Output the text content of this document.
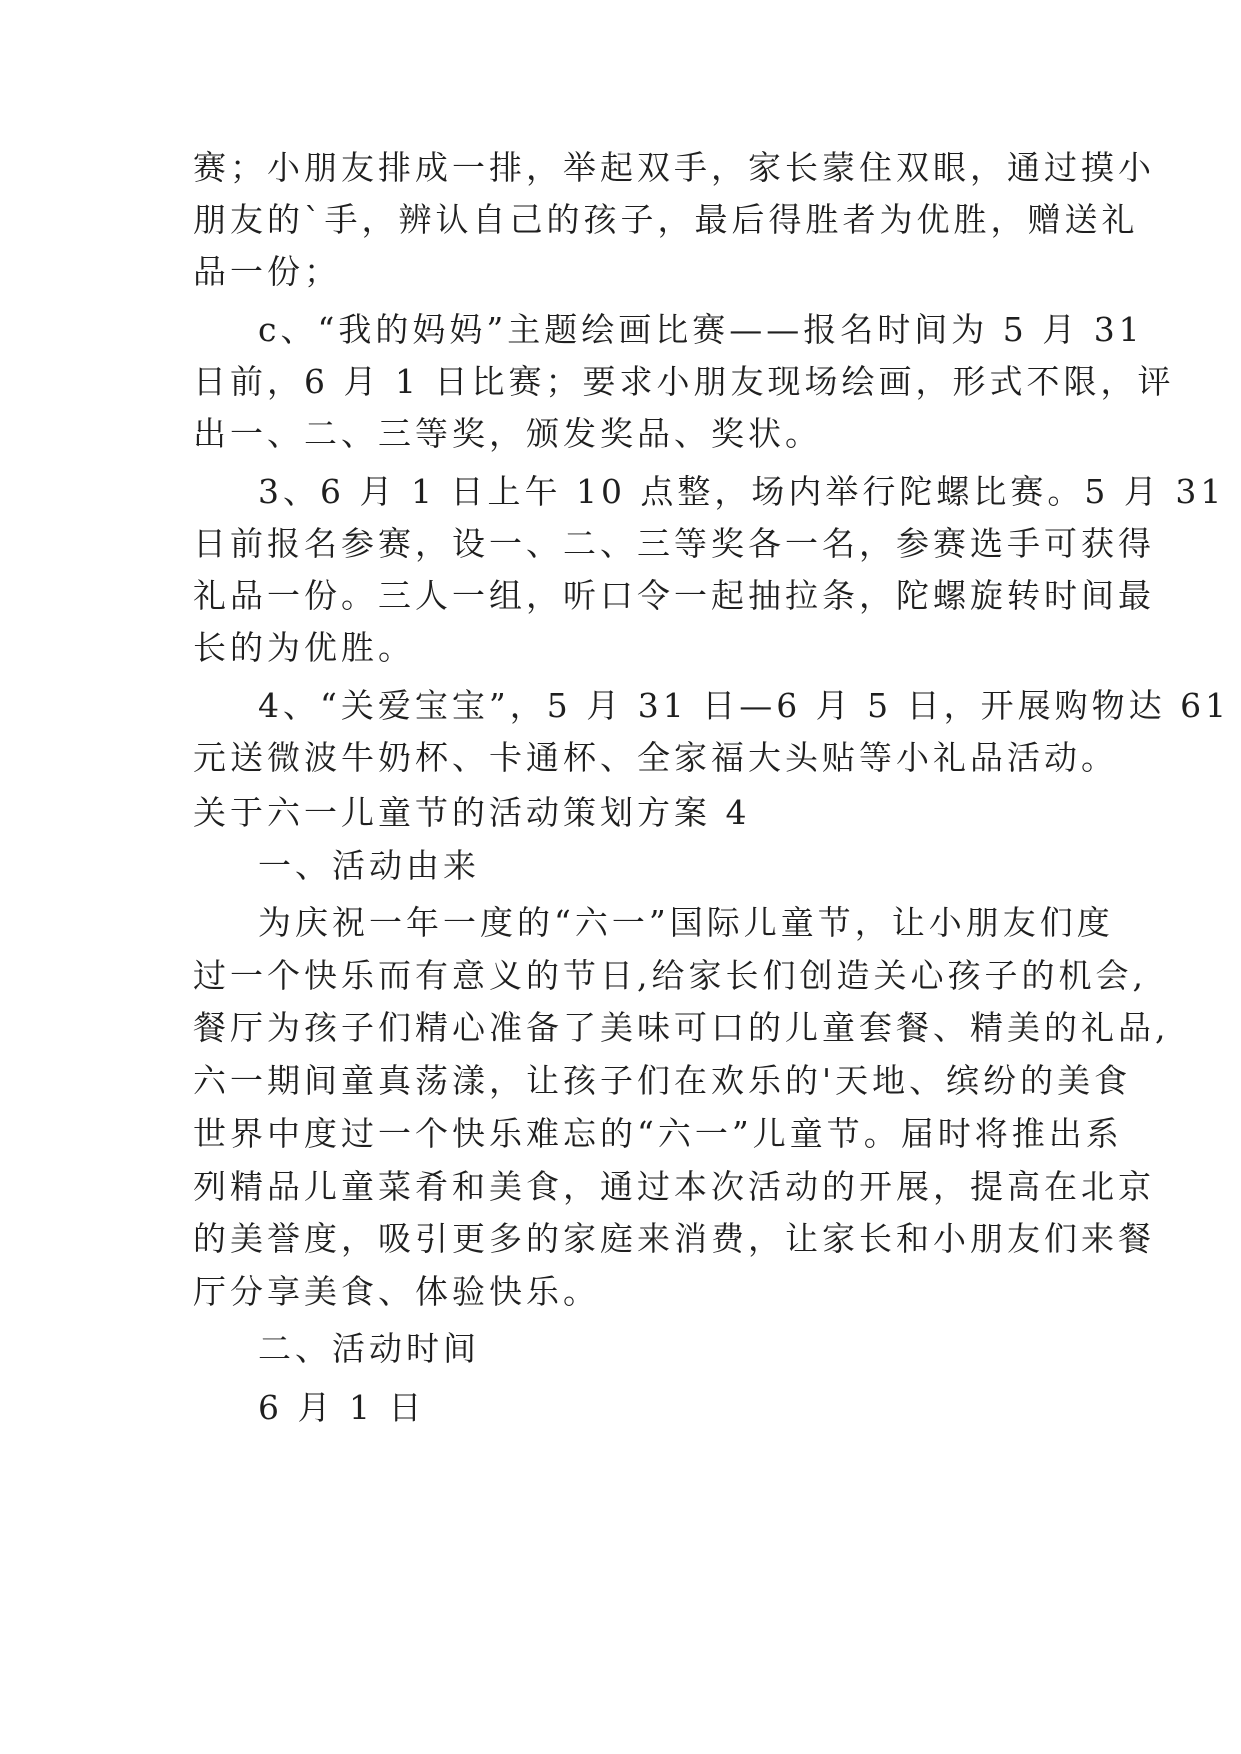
赛；小朋友排成一排，举起双手，家长蒙住双眼，通过摸小
朋友的`手，辨认自己的孩子，最后得胜者为优胜，赠送礼
品一份；
c、“我的妈妈”主题绘画比赛——报名时间为 5 月 31
日前，6 月 1 日比赛；要求小朋友现场绘画，形式不限，评
出一、二、三等奖，颁发奖品、奖状。
3、6 月 1 日上午 10 点整，场内举行陀螺比赛。5 月 31
日前报名参赛，设一、二、三等奖各一名，参赛选手可获得
礼品一份。三人一组，听口令一起抽拉条，陀螺旋转时间最
长的为优胜。
4、“关爱宝宝”，5 月 31 日—6 月 5 日，开展购物达 61
元送微波牛奶杯、卡通杯、全家福大头贴等小礼品活动。
关于六一儿童节的活动策划方案 4
一、活动由来
为庆祝一年一度的“六一”国际儿童节，让小朋友们度
过一个快乐而有意义的节日,给家长们创造关心孩子的机会,
餐厅为孩子们精心准备了美味可口的儿童套餐、精美的礼品,
六一期间童真荡漾，让孩子们在欢乐的'天地、缤纷的美食
世界中度过一个快乐难忘的“六一”儿童节。届时将推出系
列精品儿童菜肴和美食，通过本次活动的开展，提高在北京
的美誉度，吸引更多的家庭来消费，让家长和小朋友们来餐
厅分享美食、体验快乐。
二、活动时间
6 月 1 日
